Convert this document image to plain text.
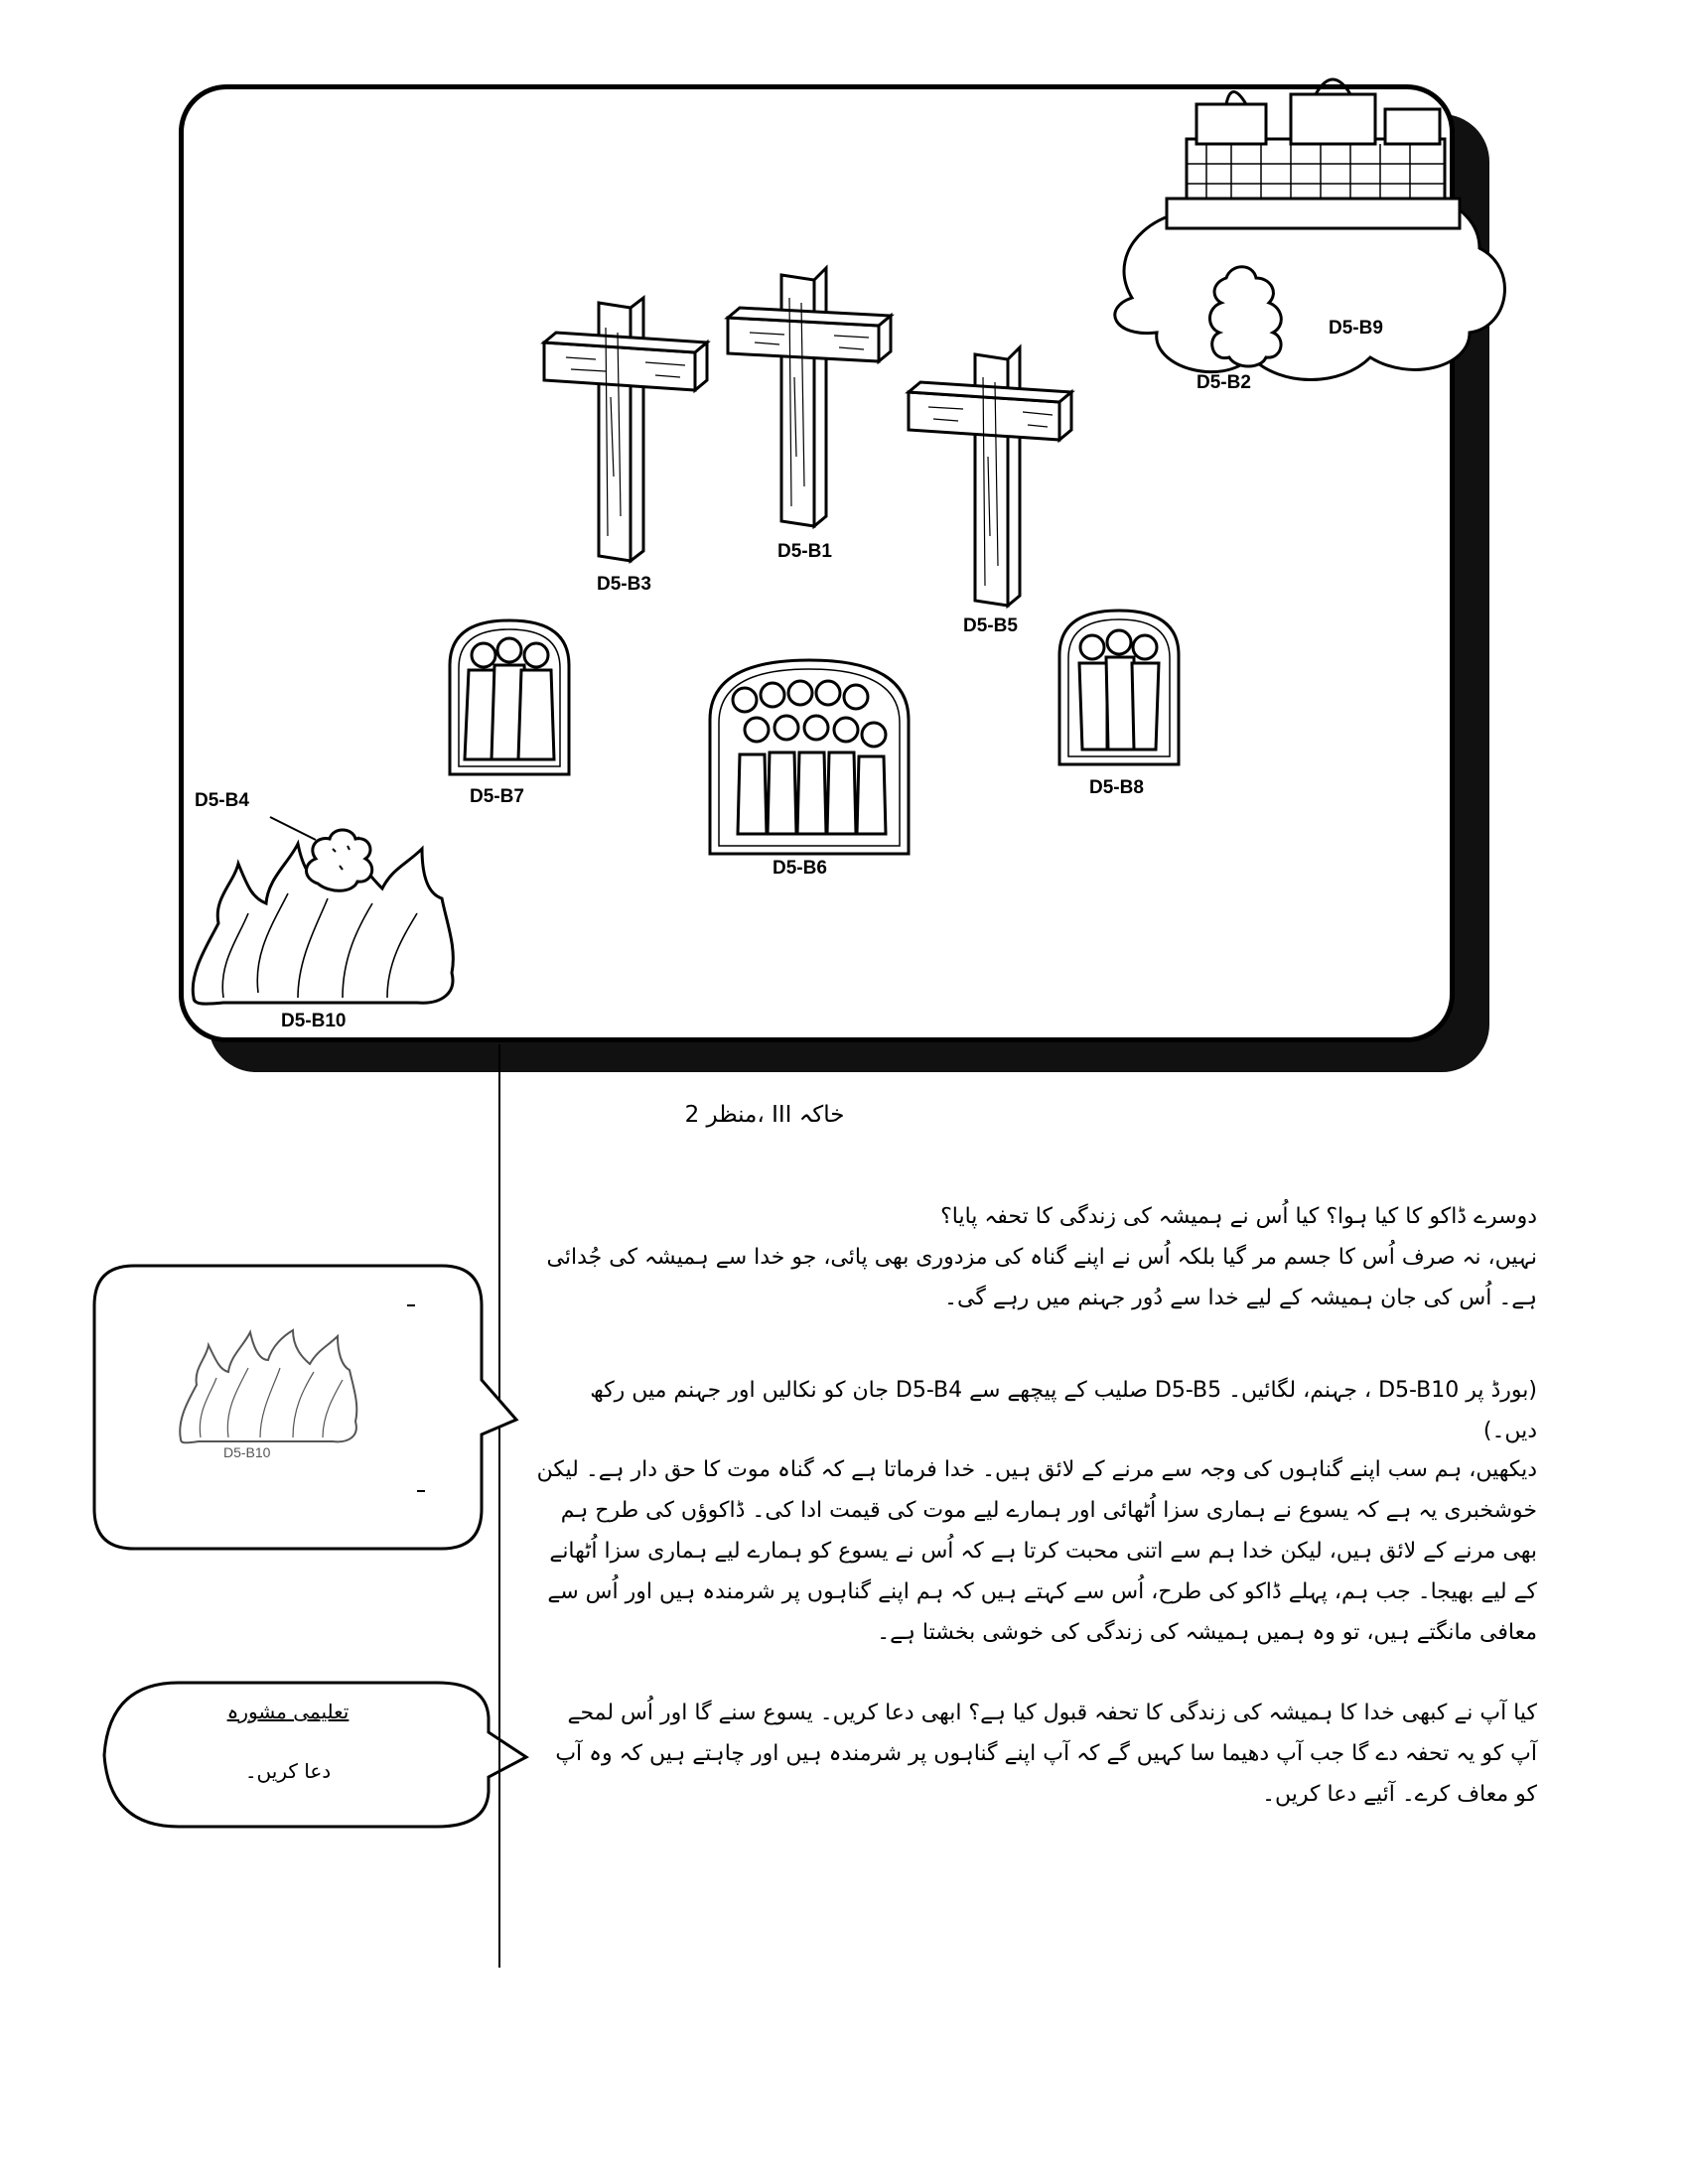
D5-B3
D5-B1
D5-B5
D5-B9
D5-B2
D5-B7
D5-B6
D5-B8
D5-B4
D5-B10
خاکہ III ،منظر 2
D5-B10
تعلیمی مشورہ
دعا کریں۔
دوسرے ڈاکو کا کیا ہوا؟ کیا اُس نے ہمیشہ کی زندگی کا تحفہ پایا؟
نہیں، نہ صرف اُس کا جسم مر گیا بلکہ اُس نے اپنے گناہ کی مزدوری بھی پائی، جو خدا سے ہمیشہ کی جُدائی ہے۔ اُس کی جان ہمیشہ کے لیے خدا سے دُور جہنم میں رہے گی۔
(بورڈ پر D5-B10 ، جہنم، لگائیں۔ D5-B5 صلیب کے پیچھے سے D5-B4 جان کو نکالیں اور جہنم میں رکھ دیں۔)
دیکھیں، ہم سب اپنے گناہوں کی وجہ سے مرنے کے لائق ہیں۔ خدا فرماتا ہے کہ گناہ موت کا حق دار ہے۔ لیکن خوشخبری یہ ہے کہ یسوع نے ہماری سزا اُٹھائی اور ہمارے لیے موت کی قیمت ادا کی۔ ڈاکوؤں کی طرح ہم بھی مرنے کے لائق ہیں، لیکن خدا ہم سے اتنی محبت کرتا ہے کہ اُس نے یسوع کو ہمارے لیے ہماری سزا اُٹھانے کے لیے بھیجا۔ جب ہم، پہلے ڈاکو کی طرح، اُس سے کہتے ہیں کہ ہم اپنے گناہوں پر شرمندہ ہیں اور اُس سے معافی مانگتے ہیں، تو وہ ہمیں ہمیشہ کی زندگی کی خوشی بخشتا ہے۔
کیا آپ نے کبھی خدا کا ہمیشہ کی زندگی کا تحفہ قبول کیا ہے؟ ابھی دعا کریں۔ یسوع سنے گا اور اُس لمحے آپ کو یہ تحفہ دے گا جب آپ دھیما سا کہیں گے کہ آپ اپنے گناہوں پر شرمندہ ہیں اور چاہتے ہیں کہ وہ آپ کو معاف کرے۔ آئیے دعا کریں۔
